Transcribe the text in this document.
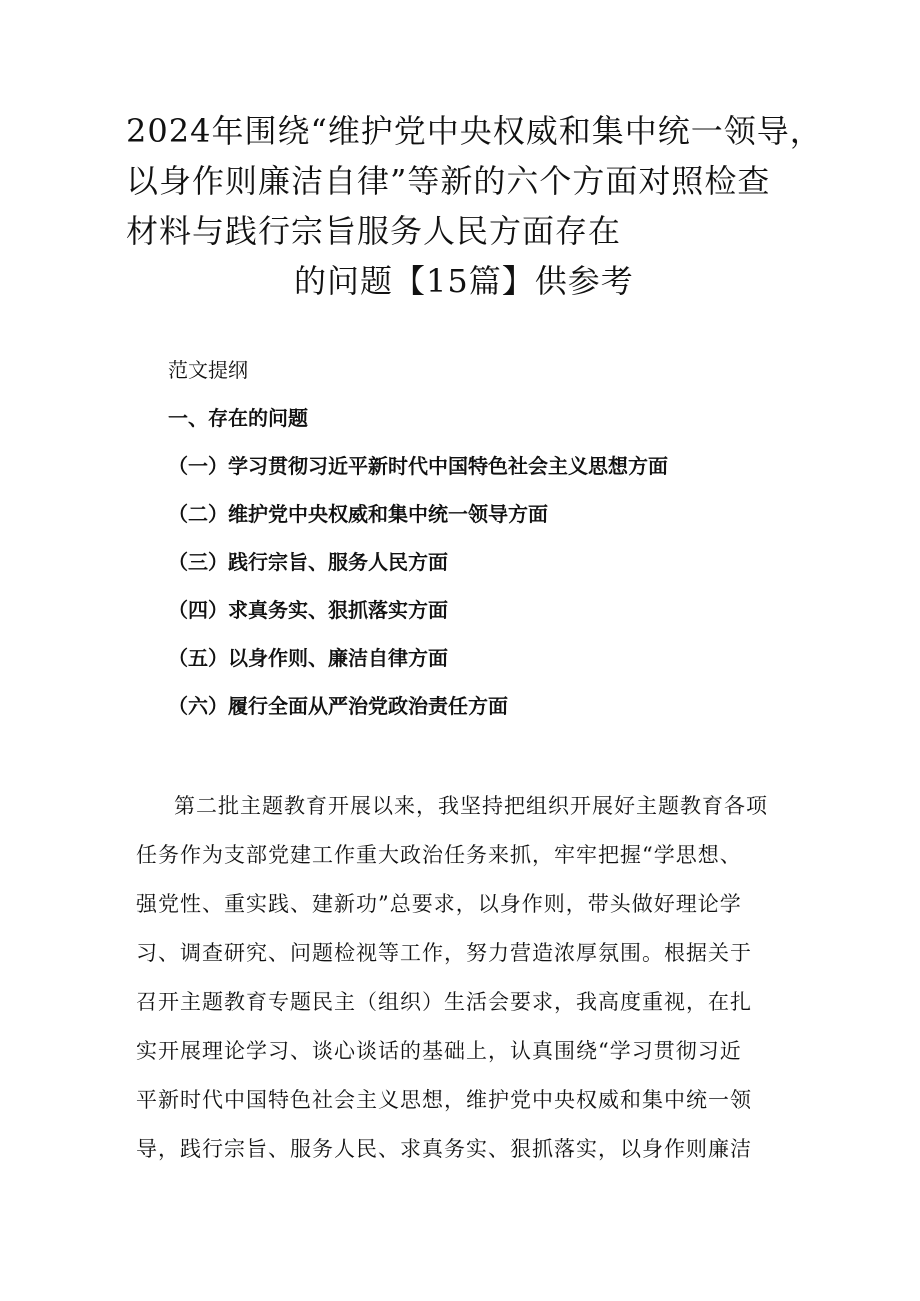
2024年围绕“维护党中央权威和集中统一领导，
以身作则廉洁自律”等新的六个方面对照检查
材料与践行宗旨服务人民方面存在
的问题【15篇】供参考
范文提纲
一、存在的问题
（一）学习贯彻习近平新时代中国特色社会主义思想方面
（二）维护党中央权威和集中统一领导方面
（三）践行宗旨、服务人民方面
（四）求真务实、狠抓落实方面
（五）以身作则、廉洁自律方面
（六）履行全面从严治党政治责任方面

第二批主题教育开展以来，我坚持把组织开展好主题教育各项
任务作为支部党建工作重大政治任务来抓，牢牢把握“学思想、
强党性、重实践、建新功”总要求，以身作则，带头做好理论学
习、调查研究、问题检视等工作，努力营造浓厚氛围。根据关于
召开主题教育专题民主（组织）生活会要求，我高度重视，在扎
实开展理论学习、谈心谈话的基础上，认真围绕“学习贯彻习近
平新时代中国特色社会主义思想，维护党中央权威和集中统一领
导，践行宗旨、服务人民、求真务实、狠抓落实，以身作则廉洁
